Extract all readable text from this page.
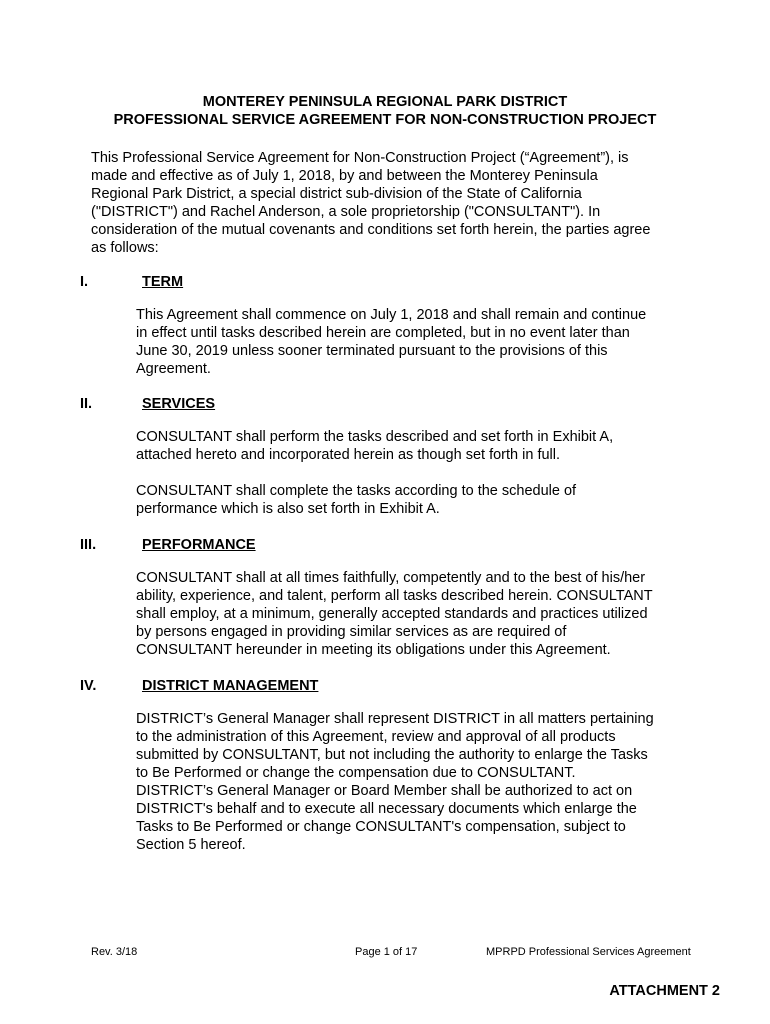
MONTEREY PENINSULA REGIONAL PARK DISTRICT
PROFESSIONAL SERVICE AGREEMENT FOR NON-CONSTRUCTION PROJECT
This Professional Service Agreement for Non-Construction Project (“Agreement”), is
made and effective as of July 1, 2018, by and between the Monterey Peninsula
Regional Park District, a special district sub-division of the State of California
("DISTRICT") and Rachel Anderson, a sole proprietorship ("CONSULTANT"). In
consideration of the mutual covenants and conditions set forth herein, the parties agree
as follows:
I.	TERM
This Agreement shall commence on July 1, 2018 and shall remain and continue
in effect until tasks described herein are completed, but in no event later than
June 30, 2019 unless sooner terminated pursuant to the provisions of this
Agreement.
II.	SERVICES
CONSULTANT shall perform the tasks described and set forth in Exhibit A,
attached hereto and incorporated herein as though set forth in full.
CONSULTANT shall complete the tasks according to the schedule of
performance which is also set forth in Exhibit A.
III.	PERFORMANCE
CONSULTANT shall at all times faithfully, competently and to the best of his/her
ability, experience, and talent, perform all tasks described herein. CONSULTANT
shall employ, at a minimum, generally accepted standards and practices utilized
by persons engaged in providing similar services as are required of
CONSULTANT hereunder in meeting its obligations under this Agreement.
IV.	DISTRICT MANAGEMENT
DISTRICT’s General Manager shall represent DISTRICT in all matters pertaining
to the administration of this Agreement, review and approval of all products
submitted by CONSULTANT, but not including the authority to enlarge the Tasks
to Be Performed or change the compensation due to CONSULTANT.
DISTRICT’s General Manager or Board Member shall be authorized to act on
DISTRICT's behalf and to execute all necessary documents which enlarge the
Tasks to Be Performed or change CONSULTANT's compensation, subject to
Section 5 hereof.
Rev. 3/18	Page 1 of 17	MPRPD Professional Services Agreement
ATTACHMENT 2
